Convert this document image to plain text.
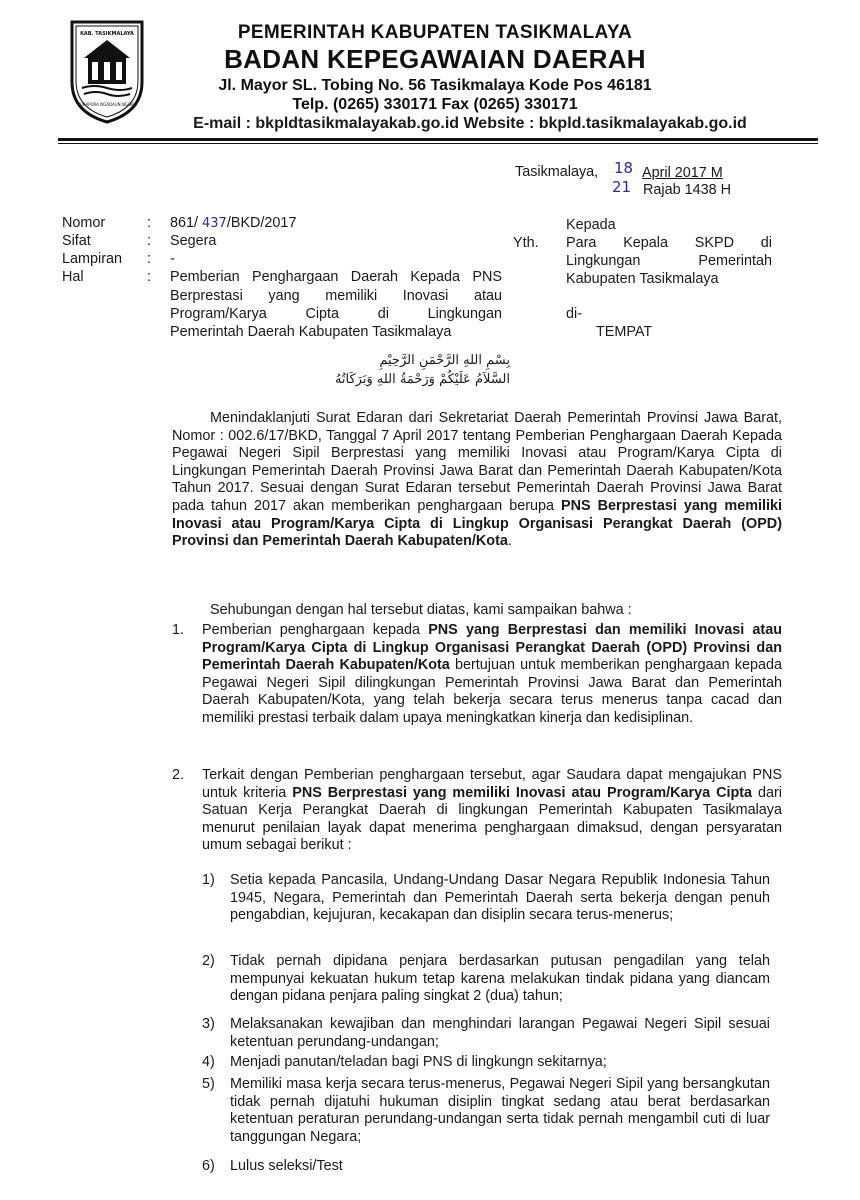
KAB. TASIKMALAYA
SUKAPURA NGADAUN NGORA
PEMERINTAH KABUPATEN TASIKMALAYA
BADAN KEPEGAWAIAN DAERAH
Jl. Mayor SL. Tobing No. 56 Tasikmalaya Kode Pos 46181
Telp. (0265) 330171 Fax (0265) 330171
E-mail : bkpldtasikmalayakab.go.id Website : bkpld.tasikmalayakab.go.id
Tasikmalaya, 18 April 2017 M
21 Rajab 1438 H
Nomor	: 861/ 437/BKD/2017
Sifat	: Segera
Lampiran : -
Hal	: Pemberian Penghargaan Daerah Kepada PNS
Berprestasi yang memiliki Inovasi atau
Program/Karya Cipta di Lingkungan
Pemerintah Daerah Kabupaten Tasikmalaya
Kepada
Yth. Para Kepala SKPD di
Lingkungan Pemerintah
Kabupaten Tasikmalaya
di-
TEMPAT
بِسْمِ اللهِ الرَّحْمَنِ الرَّحِيْمِ
السَّلاَمُ عَلَيْكُمْ وَرَحْمَةُ اللهِ وَبَرَكَاتُهُ
Menindaklanjuti Surat Edaran dari Sekretariat Daerah Pemerintah Provinsi Jawa Barat, Nomor : 002.6/17/BKD, Tanggal 7 April 2017 tentang Pemberian Penghargaan Daerah Kepada Pegawai Negeri Sipil Berprestasi yang memiliki Inovasi atau Program/Karya Cipta di Lingkungan Pemerintah Daerah Provinsi Jawa Barat dan Pemerintah Daerah Kabupaten/Kota Tahun 2017. Sesuai dengan Surat Edaran tersebut Pemerintah Daerah Provinsi Jawa Barat pada tahun 2017 akan memberikan penghargaan berupa PNS Berprestasi yang memiliki Inovasi atau Program/Karya Cipta di Lingkup Organisasi Perangkat Daerah (OPD) Provinsi dan Pemerintah Daerah Kabupaten/Kota.
Sehubungan dengan hal tersebut diatas, kami sampaikan bahwa :
1. Pemberian penghargaan kepada PNS yang Berprestasi dan memiliki Inovasi atau Program/Karya Cipta di Lingkup Organisasi Perangkat Daerah (OPD) Provinsi dan Pemerintah Daerah Kabupaten/Kota bertujuan untuk memberikan penghargaan kepada Pegawai Negeri Sipil dilingkungan Pemerintah Provinsi Jawa Barat dan Pemerintah Daerah Kabupaten/Kota, yang telah bekerja secara terus menerus tanpa cacad dan memiliki prestasi terbaik dalam upaya meningkatkan kinerja dan kedisiplinan.
2. Terkait dengan Pemberian penghargaan tersebut, agar Saudara dapat mengajukan PNS untuk kriteria PNS Berprestasi yang memiliki Inovasi atau Program/Karya Cipta dari Satuan Kerja Perangkat Daerah di lingkungan Pemerintah Kabupaten Tasikmalaya menurut penilaian layak dapat menerima penghargaan dimaksud, dengan persyaratan umum sebagai berikut :
1) Setia kepada Pancasila, Undang-Undang Dasar Negara Republik Indonesia Tahun 1945, Negara, Pemerintah dan Pemerintah Daerah serta bekerja dengan penuh pengabdian, kejujuran, kecakapan dan disiplin secara terus-menerus;
2) Tidak pernah dipidana penjara berdasarkan putusan pengadilan yang telah mempunyai kekuatan hukum tetap karena melakukan tindak pidana yang diancam dengan pidana penjara paling singkat 2 (dua) tahun;
3) Melaksanakan kewajiban dan menghindari larangan Pegawai Negeri Sipil sesuai ketentuan perundang-undangan;
4) Menjadi panutan/teladan bagi PNS di lingkungn sekitarnya;
5) Memiliki masa kerja secara terus-menerus, Pegawai Negeri Sipil yang bersangkutan tidak pernah dijatuhi hukuman disiplin tingkat sedang atau berat berdasarkan ketentuan peraturan perundang-undangan serta tidak pernah mengambil cuti di luar tanggungan Negara;
6) Lulus seleksi/Test
